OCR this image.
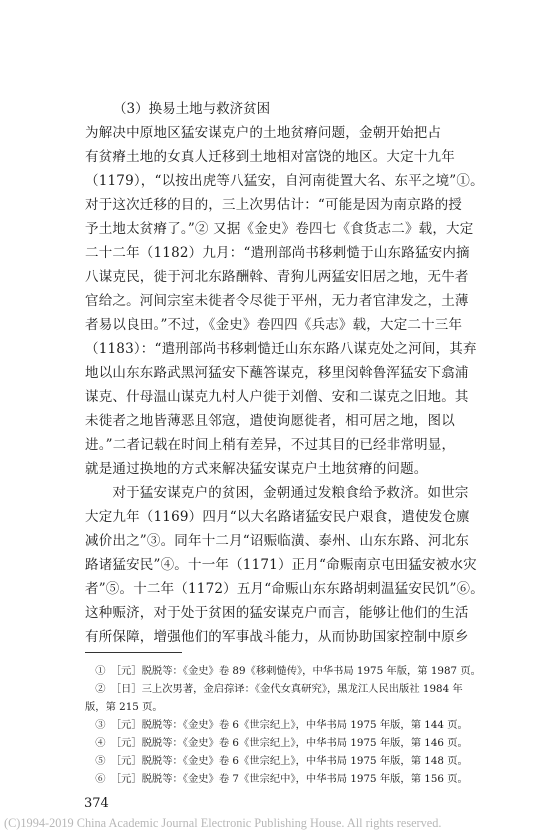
（3）换易土地与救济贫困
为解决中原地区猛安谋克户的土地贫瘠问题，金朝开始把占
有贫瘠土地的女真人迁移到土地相对富饶的地区。大定十九年
（1179），“以按出虎等八猛安，自河南徙置大名、东平之境”①。
对于这次迁移的目的，三上次男估计：“可能是因为南京路的授
予土地太贫瘠了。”② 又据《金史》卷四七《食货志二》载，大定
二十二年（1182）九月：“遣刑部尚书移剌慥于山东路猛安内摘
八谋克民，徙于河北东路酬斡、青狗儿两猛安旧居之地，无牛者
官给之。河间宗室未徙者令尽徙于平州，无力者官津发之，土薄
者易以良田。”不过，《金史》卷四四《兵志》载，大定二十三年
（1183）：“遣刑部尚书移剌慥迁山东东路八谋克处之河间，其弃
地以山东东路武黑河猛安下蘸答谋克，移里闵斡鲁浑猛安下翕浦
谋克、什母温山谋克九村人户徙于刘僧、安和二谋克之旧地。其
未徙者之地皆薄恶且邻寇，遣使询愿徙者，相可居之地，图以
进。”二者记载在时间上稍有差异，不过其目的已经非常明显，
就是通过换地的方式来解决猛安谋克户土地贫瘠的问题。
　　对于猛安谋克户的贫困，金朝通过发粮食给予救济。如世宗
大定九年（1169）四月“以大名路诸猛安民户艰食，遣使发仓廪
减价出之”③。同年十二月“诏赈临潢、泰州、山东东路、河北东
路诸猛安民”④。十一年（1171）正月“命赈南京屯田猛安被水灾
者”⑤。十二年（1172）五月“命赈山东东路胡剌温猛安民饥”⑥。
这种赈济，对于处于贫困的猛安谋克户而言，能够让他们的生活
有所保障，增强他们的军事战斗能力，从而协助国家控制中原乡
　①　［元］脱脱等：《金史》卷 89《移剌慥传》，中华书局 1975 年版，第 1987 页。
　②　［日］三上次男著，金启孮译：《金代女真研究》，黑龙江人民出版社 1984 年
版，第 215 页。
　③　［元］脱脱等：《金史》卷 6《世宗纪上》，中华书局 1975 年版，第 144 页。
　④　［元］脱脱等：《金史》卷 6《世宗纪上》，中华书局 1975 年版，第 146 页。
　⑤　［元］脱脱等：《金史》卷 6《世宗纪上》，中华书局 1975 年版，第 148 页。
　⑥　［元］脱脱等：《金史》卷 7《世宗纪中》，中华书局 1975 年版，第 156 页。
374
(C)1994-2019 China Academic Journal Electronic Publishing House. All rights reserved.
